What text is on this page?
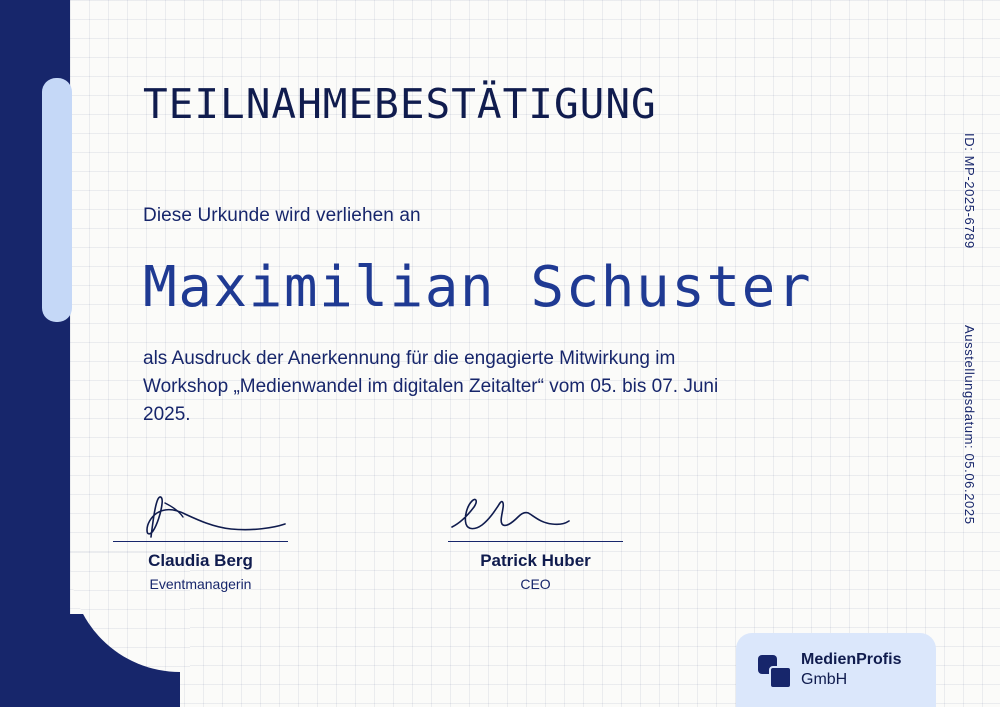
TEILNAHMEBESTÄTIGUNG
Diese Urkunde wird verliehen an
Maximilian Schuster
als Ausdruck der Anerkennung für die engagierte Mitwirkung im Workshop „Medienwandel im digitalen Zeitalter“ vom 05. bis 07. Juni 2025.
Claudia Berg
Eventmanagerin
Patrick Huber
CEO
ID: MP-2025-6789
Ausstellungsdatum: 05.06.2025
MedienProfis
GmbH
